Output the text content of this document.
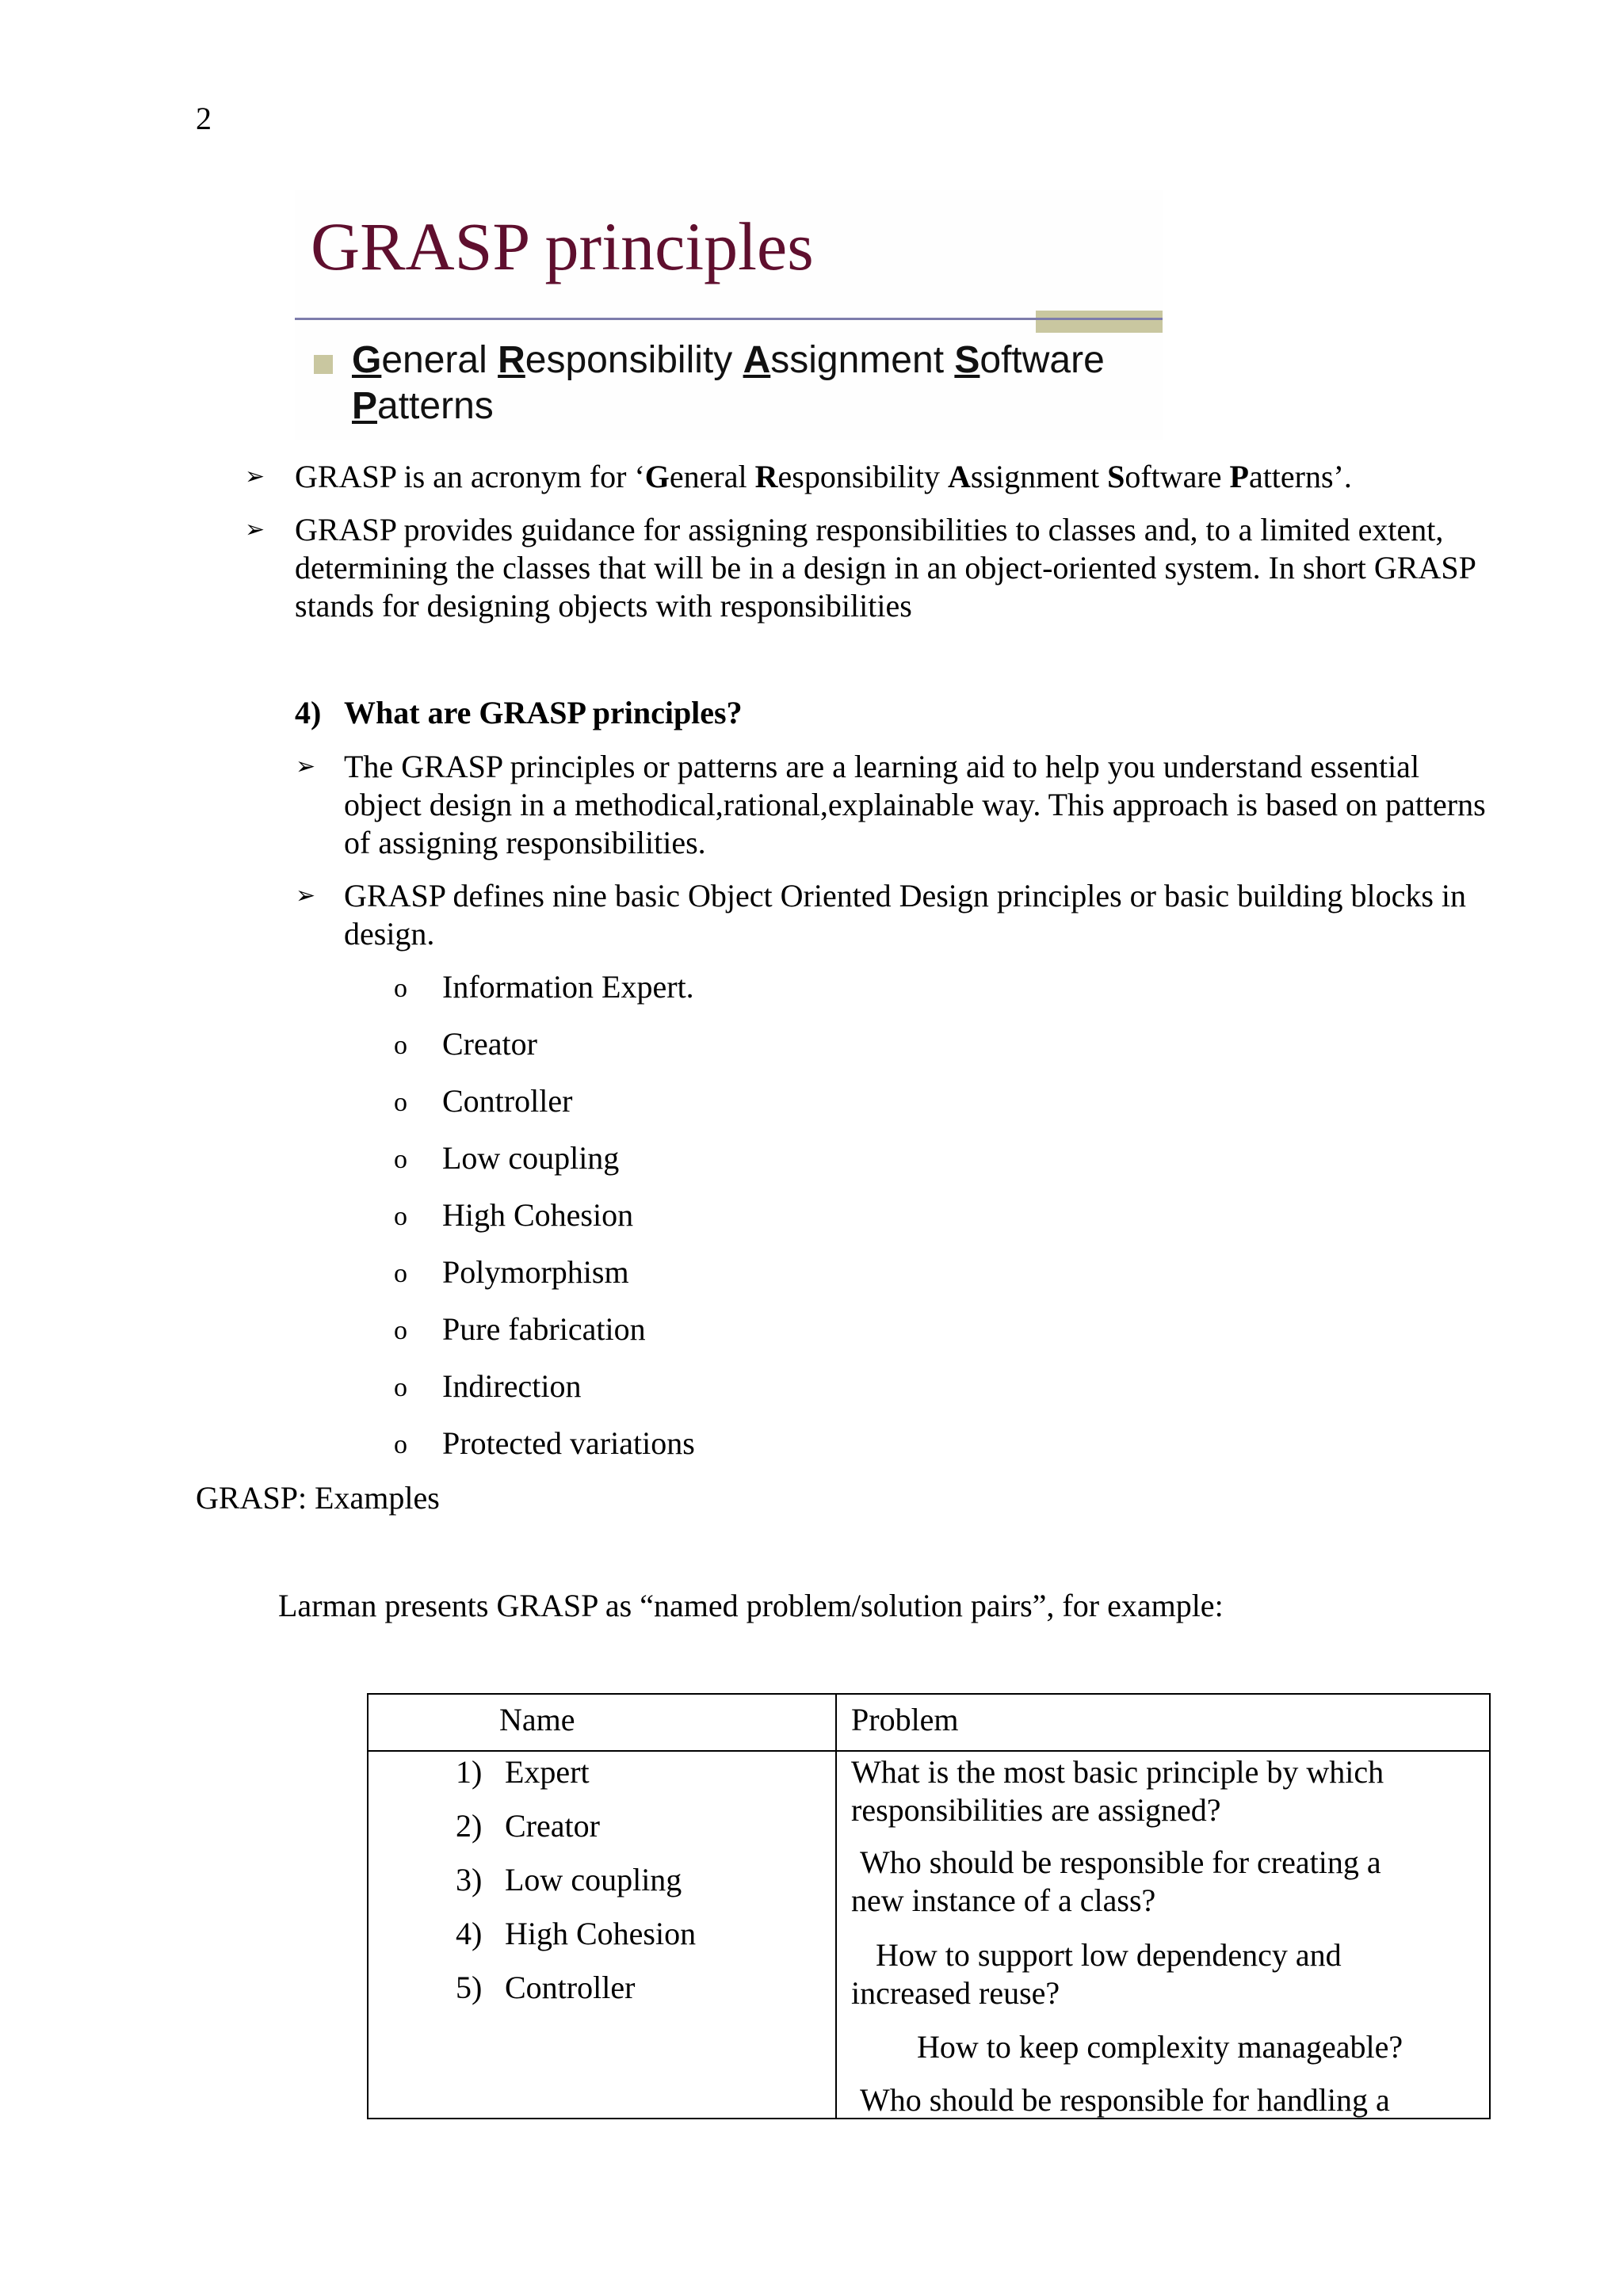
2
GRASP principles
General Responsibility Assignment Software
Patterns
➢ GRASP is an acronym for ‘General Responsibility Assignment Software Patterns’.
➢ GRASP provides guidance for assigning responsibilities to classes and, to a limited extent,
determining the classes that will be in a design in an object-oriented system. In short GRASP
stands for designing objects with responsibilities
4) What are GRASP principles?
➢ The GRASP principles or patterns are a learning aid to help you understand essential
object design in a methodical,rational,explainable way. This approach is based on patterns
of assigning responsibilities.
➢ GRASP defines nine basic Object Oriented Design principles or basic building blocks in
design.
o Information Expert.
o Creator
o Controller
o Low coupling
o High Cohesion
o Polymorphism
o Pure fabrication
o Indirection
o Protected variations
GRASP: Examples
Larman presents GRASP as “named problem/solution pairs”, for example:
Name	Problem
1) Expert
2) Creator
3) Low coupling
4) High Cohesion
5) Controller
What is the most basic principle by which
responsibilities are assigned?
Who should be responsible for creating a
new instance of a class?
How to support low dependency and
increased reuse?
How to keep complexity manageable?
Who should be responsible for handling a
